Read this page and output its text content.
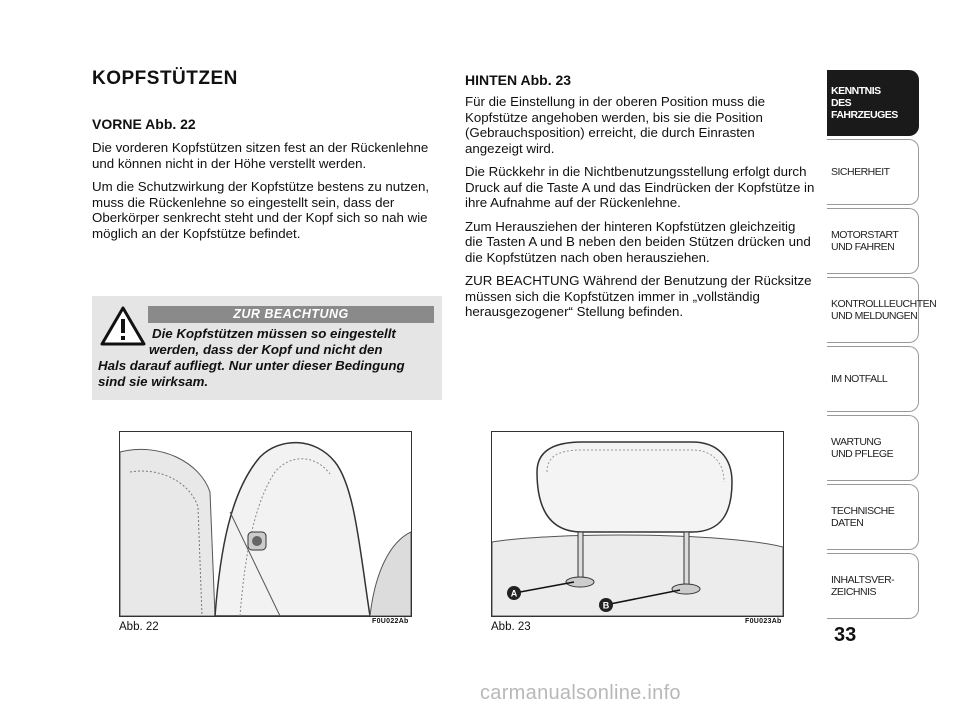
KOPFSTÜTZEN
VORNE Abb. 22

Die vorderen Kopfstützen sitzen fest an der Rückenlehne und können nicht in der Höhe verstellt werden.

Um die Schutzwirkung der Kopfstütze bestens zu nutzen, muss die Rückenlehne so eingestellt sein, dass der Oberkörper senkrecht steht und der Kopf sich so nah wie möglich an der Kopfstütze befindet.

ZUR BEACHTUNG
Die Kopfstützen müssen so eingestellt
werden, dass der Kopf und nicht den
Hals darauf aufliegt. Nur unter dieser Bedingung sind sie wirksam.
HINTEN Abb. 23

Für die Einstellung in der oberen Position muss die Kopfstütze angehoben werden, bis sie die Position (Gebrauchsposition) erreicht, die durch Einrasten angezeigt wird.

Die Rückkehr in die Nichtbenutzungsstellung erfolgt durch Druck auf die Taste A und das Eindrücken der Kopfstütze in ihre Aufnahme auf der Rückenlehne.

Zum Herausziehen der hinteren Kopfstützen gleichzeitig die Tasten A und B neben den beiden Stützen drücken und die Kopfstützen nach oben herausziehen.

ZUR BEACHTUNG Während der Benutzung der Rücksitze müssen sich die Kopfstützen immer in „vollständig herausgezogener“ Stellung befinden.

Abb. 22	F0U022Ab
A
B
Abb. 23	F0U023Ab
KENNTNIS
DES FAHRZEUGES
SICHERHEIT
MOTORSTART
UND FAHREN
KONTROLLLEUCHTEN
UND MELDUNGEN
IM NOTFALL
WARTUNG
UND PFLEGE
TECHNISCHE
DATEN
INHALTSVER-
ZEICHNIS
33
carmanualsonline.info
